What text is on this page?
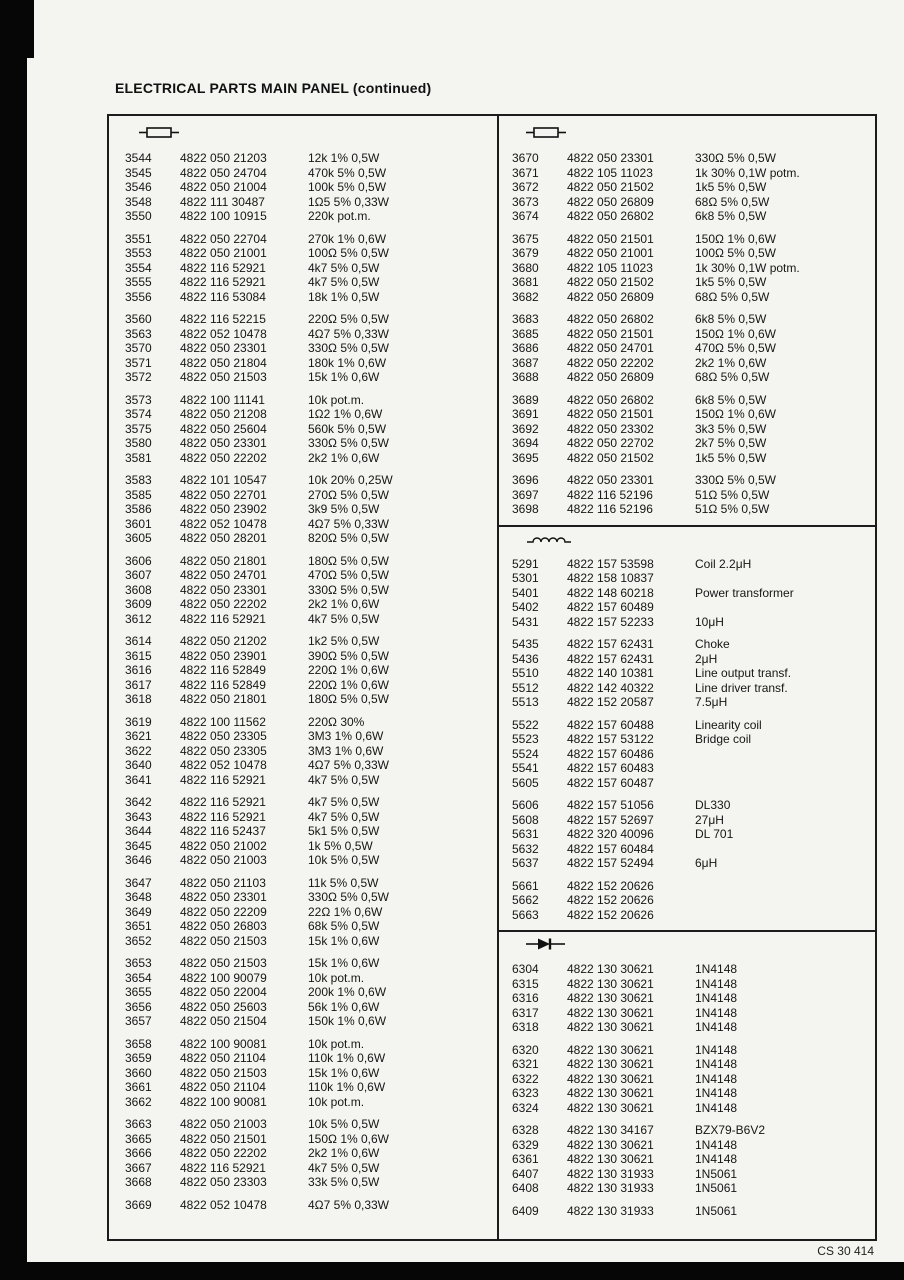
ELECTRICAL PARTS MAIN PANEL (continued)
3544	4822 050 21203	12k 1% 0,5W
3545	4822 050 24704	470k 5% 0,5W
3546	4822 050 21004	100k 5% 0,5W
3548	4822 111 30487	1Ω5 5% 0,33W
3550	4822 100 10915	220k pot.m.
3551	4822 050 22704	270k 1% 0,6W
3553	4822 050 21001	100Ω 5% 0,5W
3554	4822 116 52921	4k7 5% 0,5W
3555	4822 116 52921	4k7 5% 0,5W
3556	4822 116 53084	18k 1% 0,5W
3560	4822 116 52215	220Ω 5% 0,5W
3563	4822 052 10478	4Ω7 5% 0,33W
3570	4822 050 23301	330Ω 5% 0,5W
3571	4822 050 21804	180k 1% 0,6W
3572	4822 050 21503	15k 1% 0,6W
3573	4822 100 11141	10k pot.m.
3574	4822 050 21208	1Ω2 1% 0,6W
3575	4822 050 25604	560k 5% 0,5W
3580	4822 050 23301	330Ω 5% 0,5W
3581	4822 050 22202	2k2 1% 0,6W
3583	4822 101 10547	10k 20% 0,25W
3585	4822 050 22701	270Ω 5% 0,5W
3586	4822 050 23902	3k9 5% 0,5W
3601	4822 052 10478	4Ω7 5% 0,33W
3605	4822 050 28201	820Ω 5% 0,5W
3606	4822 050 21801	180Ω 5% 0,5W
3607	4822 050 24701	470Ω 5% 0,5W
3608	4822 050 23301	330Ω 5% 0,5W
3609	4822 050 22202	2k2 1% 0,6W
3612	4822 116 52921	4k7 5% 0,5W
3614	4822 050 21202	1k2 5% 0,5W
3615	4822 050 23901	390Ω 5% 0,5W
3616	4822 116 52849	220Ω 1% 0,6W
3617	4822 116 52849	220Ω 1% 0,6W
3618	4822 050 21801	180Ω 5% 0,5W
3619	4822 100 11562	220Ω 30%
3621	4822 050 23305	3M3 1% 0,6W
3622	4822 050 23305	3M3 1% 0,6W
3640	4822 052 10478	4Ω7 5% 0,33W
3641	4822 116 52921	4k7 5% 0,5W
3642	4822 116 52921	4k7 5% 0,5W
3643	4822 116 52921	4k7 5% 0,5W
3644	4822 116 52437	5k1 5% 0,5W
3645	4822 050 21002	1k 5% 0,5W
3646	4822 050 21003	10k 5% 0,5W
3647	4822 050 21103	11k 5% 0,5W
3648	4822 050 23301	330Ω 5% 0,5W
3649	4822 050 22209	22Ω 1% 0,6W
3651	4822 050 26803	68k 5% 0,5W
3652	4822 050 21503	15k 1% 0,6W
3653	4822 050 21503	15k 1% 0,6W
3654	4822 100 90079	10k pot.m.
3655	4822 050 22004	200k 1% 0,6W
3656	4822 050 25603	56k 1% 0,6W
3657	4822 050 21504	150k 1% 0,6W
3658	4822 100 90081	10k pot.m.
3659	4822 050 21104	110k 1% 0,6W
3660	4822 050 21503	15k 1% 0,6W
3661	4822 050 21104	110k 1% 0,6W
3662	4822 100 90081	10k pot.m.
3663	4822 050 21003	10k 5% 0,5W
3665	4822 050 21501	150Ω 1% 0,6W
3666	4822 050 22202	2k2 1% 0,6W
3667	4822 116 52921	4k7 5% 0,5W
3668	4822 050 23303	33k 5% 0,5W
3669	4822 052 10478	4Ω7 5% 0,33W
3670	4822 050 23301	330Ω 5% 0,5W
3671	4822 105 11023	1k 30% 0,1W potm.
3672	4822 050 21502	1k5 5% 0,5W
3673	4822 050 26809	68Ω 5% 0,5W
3674	4822 050 26802	6k8 5% 0,5W
3675	4822 050 21501	150Ω 1% 0,6W
3679	4822 050 21001	100Ω 5% 0,5W
3680	4822 105 11023	1k 30% 0,1W potm.
3681	4822 050 21502	1k5 5% 0,5W
3682	4822 050 26809	68Ω 5% 0,5W
3683	4822 050 26802	6k8 5% 0,5W
3685	4822 050 21501	150Ω 1% 0,6W
3686	4822 050 24701	470Ω 5% 0,5W
3687	4822 050 22202	2k2 1% 0,6W
3688	4822 050 26809	68Ω 5% 0,5W
3689	4822 050 26802	6k8 5% 0,5W
3691	4822 050 21501	150Ω 1% 0,6W
3692	4822 050 23302	3k3 5% 0,5W
3694	4822 050 22702	2k7 5% 0,5W
3695	4822 050 21502	1k5 5% 0,5W
3696	4822 050 23301	330Ω 5% 0,5W
3697	4822 116 52196	51Ω 5% 0,5W
3698	4822 116 52196	51Ω 5% 0,5W
5291	4822 157 53598	Coil 2.2μH
5301	4822 158 10837
5401	4822 148 60218	Power transformer
5402	4822 157 60489
5431	4822 157 52233	10μH
5435	4822 157 62431	Choke
5436	4822 157 62431	2μH
5510	4822 140 10381	Line output transf.
5512	4822 142 40322	Line driver transf.
5513	4822 152 20587	7.5μH
5522	4822 157 60488	Linearity coil
5523	4822 157 53122	Bridge coil
5524	4822 157 60486
5541	4822 157 60483
5605	4822 157 60487
5606	4822 157 51056	DL330
5608	4822 157 52697	27μH
5631	4822 320 40096	DL 701
5632	4822 157 60484
5637	4822 157 52494	6μH
5661	4822 152 20626
5662	4822 152 20626
5663	4822 152 20626
6304	4822 130 30621	1N4148
6315	4822 130 30621	1N4148
6316	4822 130 30621	1N4148
6317	4822 130 30621	1N4148
6318	4822 130 30621	1N4148
6320	4822 130 30621	1N4148
6321	4822 130 30621	1N4148
6322	4822 130 30621	1N4148
6323	4822 130 30621	1N4148
6324	4822 130 30621	1N4148
6328	4822 130 34167	BZX79-B6V2
6329	4822 130 30621	1N4148
6361	4822 130 30621	1N4148
6407	4822 130 31933	1N5061
6408	4822 130 31933	1N5061
6409	4822 130 31933	1N5061
CS 30 414
